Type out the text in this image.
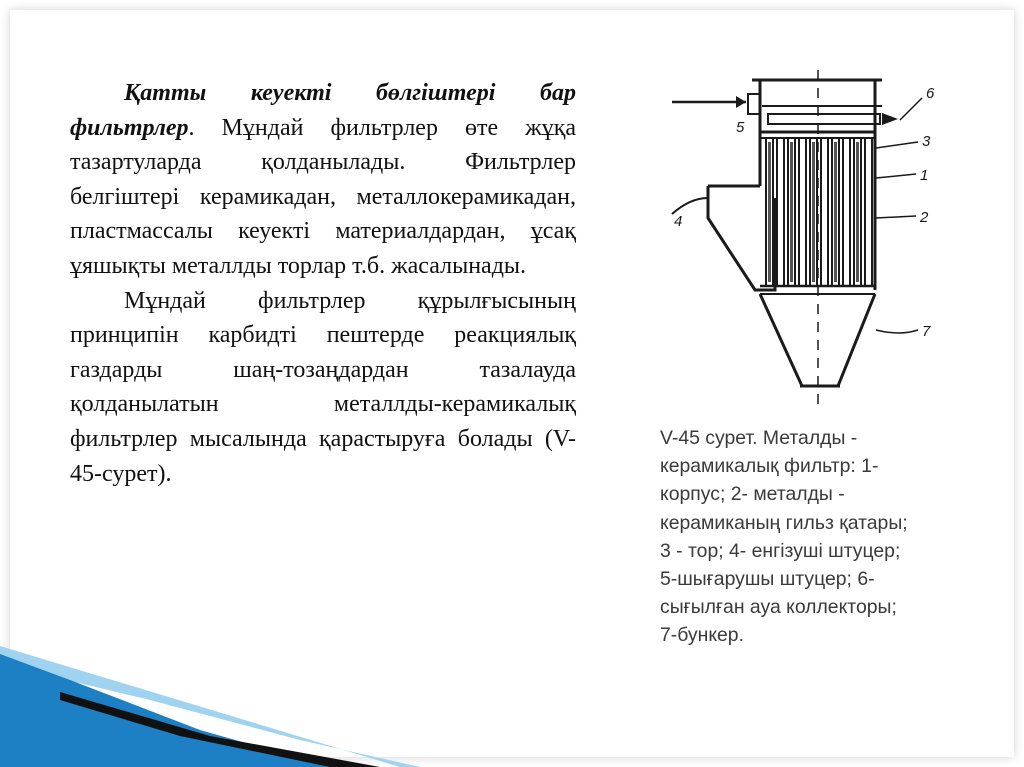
Қатты кеуекті бөлгіштері бар фильтрлер. Мұндай фильтрлер өте жұқа тазартуларда қолданылады. Фильтрлер белгіштері керамикадан, металлокерамикадан, пластмассалы кеуекті материалдардан, ұсақ ұяшықты металлды торлар т.б. жасалынады.

Мұндай фильтрлер құрылғысының принципін карбидті пештерде реакциялық газдарды шаң-тозаңдардан тазалауда қолданылатын металлды-керамикалық фильтрлер мысалында қарастыруға болады (V-45-сурет).

6
5
3
1
2
4
7
V-45 сурет. Металды -
керамикалық фильтр: 1-
корпус; 2- металды -
керамиканың гильз қатары;
3 - тор; 4- енгізуші штуцер;
5-шығарушы штуцер; 6-
сығылған ауа коллекторы;
7-бункер.
